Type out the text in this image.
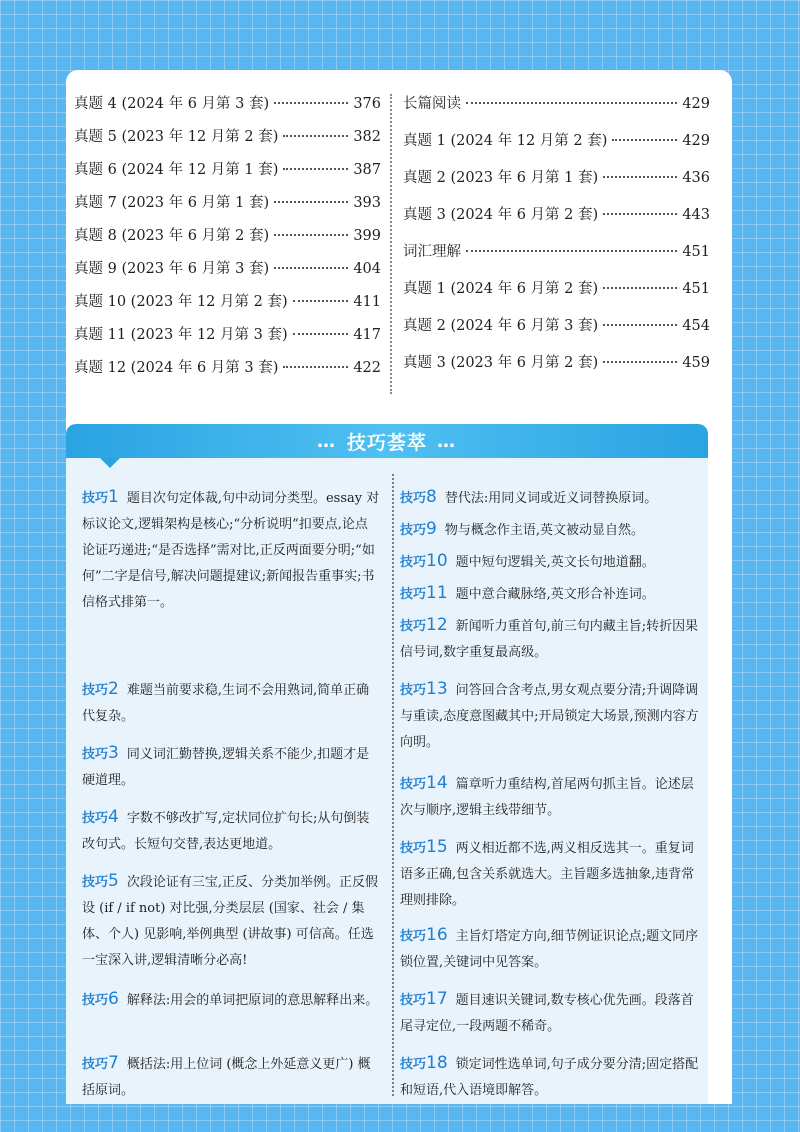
真题 4 (2024 年 6 月第 3 套)	376
真题 5 (2023 年 12 月第 2 套)	382
真题 6 (2024 年 12 月第 1 套)	387
真题 7 (2023 年 6 月第 1 套)	393
真题 8 (2023 年 6 月第 2 套)	399
真题 9 (2023 年 6 月第 3 套)	404
真题 10 (2023 年 12 月第 2 套)	411
真题 11 (2023 年 12 月第 3 套)	417
真题 12 (2024 年 6 月第 3 套)	422
长篇阅读	429
真题 1 (2024 年 12 月第 2 套)	429
真题 2 (2023 年 6 月第 1 套)	436
真题 3 (2024 年 6 月第 2 套)	443
词汇理解	451
真题 1 (2024 年 6 月第 2 套)	451
真题 2 (2024 年 6 月第 3 套)	454
真题 3 (2023 年 6 月第 2 套)	459
… 技巧荟萃 …
技巧1 题目次句定体裁,句中动词分类型。essay 对标议论文,逻辑架构是核心;“分析说明”扣要点,论点论证巧递进;“是否选择”需对比,正反两面要分明;“如何”二字是信号,解决问题提建议;新闻报告重事实;书信格式排第一。
技巧2 难题当前要求稳,生词不会用熟词,简单正确代复杂。
技巧3 同义词汇勤替换,逻辑关系不能少,扣题才是硬道理。
技巧4 字数不够改扩写,定状同位扩句长;从句倒装改句式。长短句交替,表达更地道。
技巧5 次段论证有三宝,正反、分类加举例。正反假设 (if / if not) 对比强,分类层层 (国家、社会 / 集体、个人) 见影响,举例典型 (讲故事) 可信高。任选一宝深入讲,逻辑清晰分必高!
技巧6 解释法:用会的单词把原词的意思解释出来。
技巧7 概括法:用上位词 (概念上外延意义更广) 概括原词。
技巧8 替代法:用同义词或近义词替换原词。
技巧9 物与概念作主语,英文被动显自然。
技巧10 题中短句逻辑关,英文长句地道翻。
技巧11 题中意合藏脉络,英文形合补连词。
技巧12 新闻听力重首句,前三句内藏主旨;转折因果信号词,数字重复最高级。
技巧13 问答回合含考点,男女观点要分清;升调降调与重读,态度意图藏其中;开局锁定大场景,预测内容方向明。
技巧14 篇章听力重结构,首尾两句抓主旨。论述层次与顺序,逻辑主线带细节。
技巧15 两义相近都不选,两义相反选其一。重复词语多正确,包含关系就选大。主旨题多选抽象,违背常理则排除。
技巧16 主旨灯塔定方向,细节例证识论点;题文同序锁位置,关键词中见答案。
技巧17 题目速识关键词,数专核心优先画。段落首尾寻定位,一段两题不稀奇。
技巧18 锁定词性选单词,句子成分要分清;固定搭配和短语,代入语境即解答。
